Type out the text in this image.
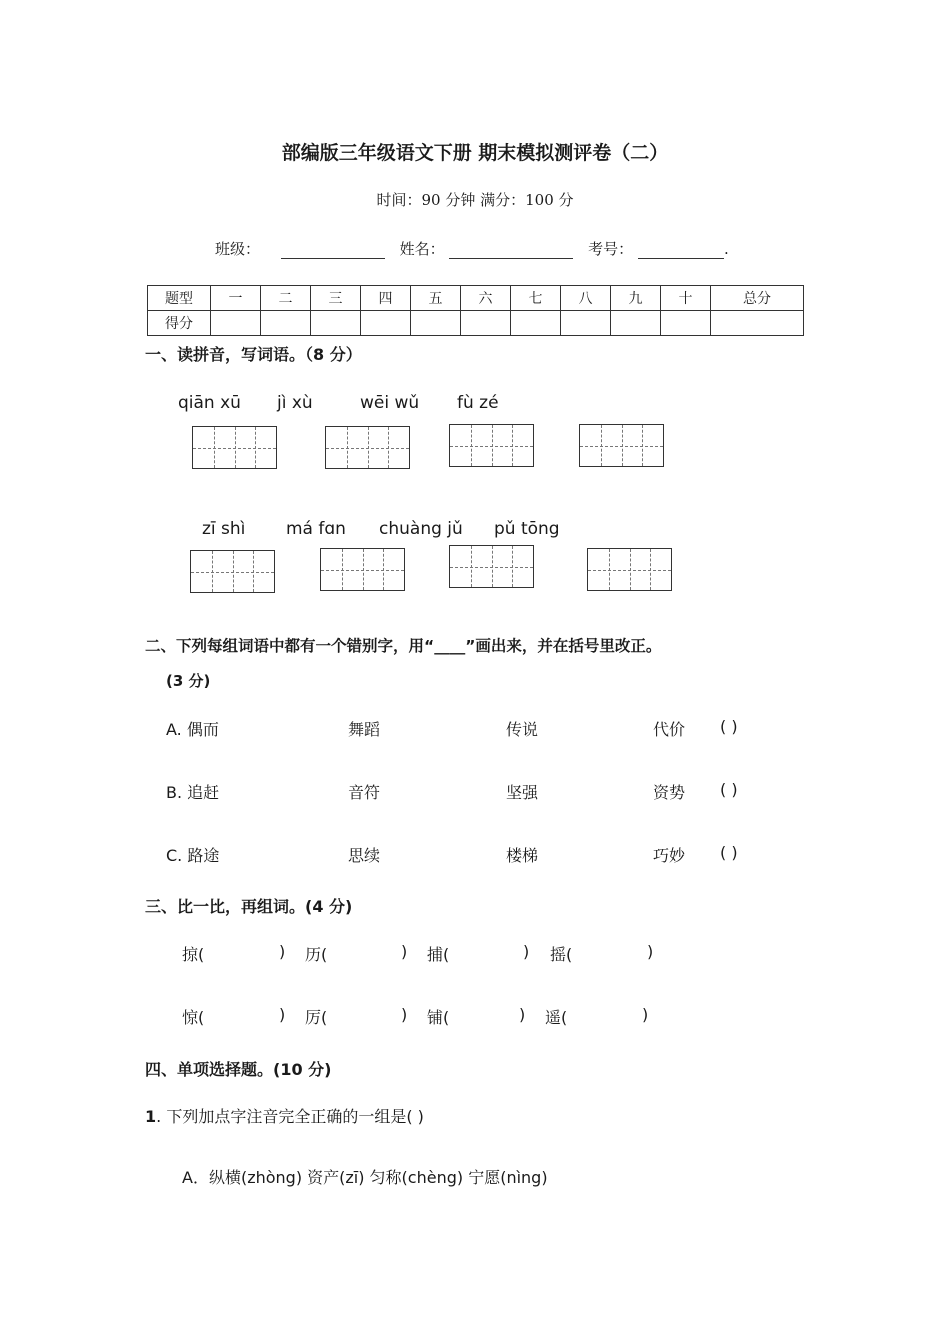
部编版三年级语文下册 期末模拟测评卷（二）
时间：90 分钟 满分：100 分
班级：	姓名：	考号：	.
题型	一	二	三	四	五	六	七	八	九	十	总分
得分											
一、读拼音，写词语。（8 分）
qiān xū jì xù	wēi wǔ fù zé
zī shì má fɑn chuàng jǔ pǔ tōng
二、下列每组词语中都有一个错别字，用“____”画出来，并在括号里改正。
(3 分)
A. 偶而	舞蹈	传说	代价 ( )
B. 追赶	音符	坚强	资势 ( )
C. 路途	思续	楼梯	巧妙 ( )
三、比一比，再组词。(4 分)
掠(	) 历(	) 捕(	) 摇(	)
惊(	) 厉(	) 铺(	) 遥(	)
四、单项选择题。(10 分)
1. 下列加点字注音完全正确的一组是( )
A．纵横(zhòng) 资产(zī) 匀称(chèng) 宁愿(nìng)
